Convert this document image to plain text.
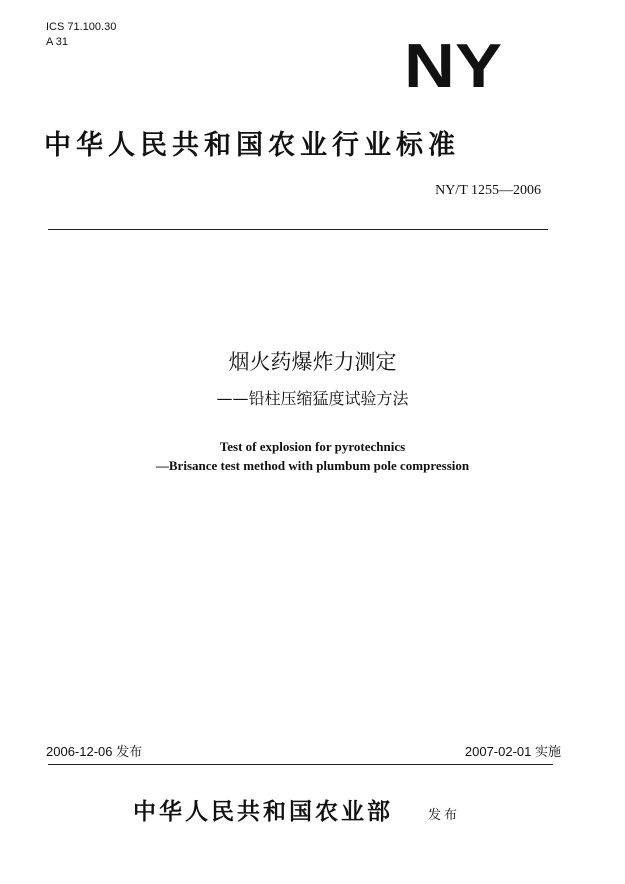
ICS 71.100.30
A 31	NY
中华人民共和国农业行业标准
NY/T 1255—2006
烟火药爆炸力测定
——铅柱压缩猛度试验方法
Test of explosion for pyrotechnics
—Brisance test method with plumbum pole compression
2006-12-06 发布	2007-02-01 实施
中华人民共和国农业部	发布
